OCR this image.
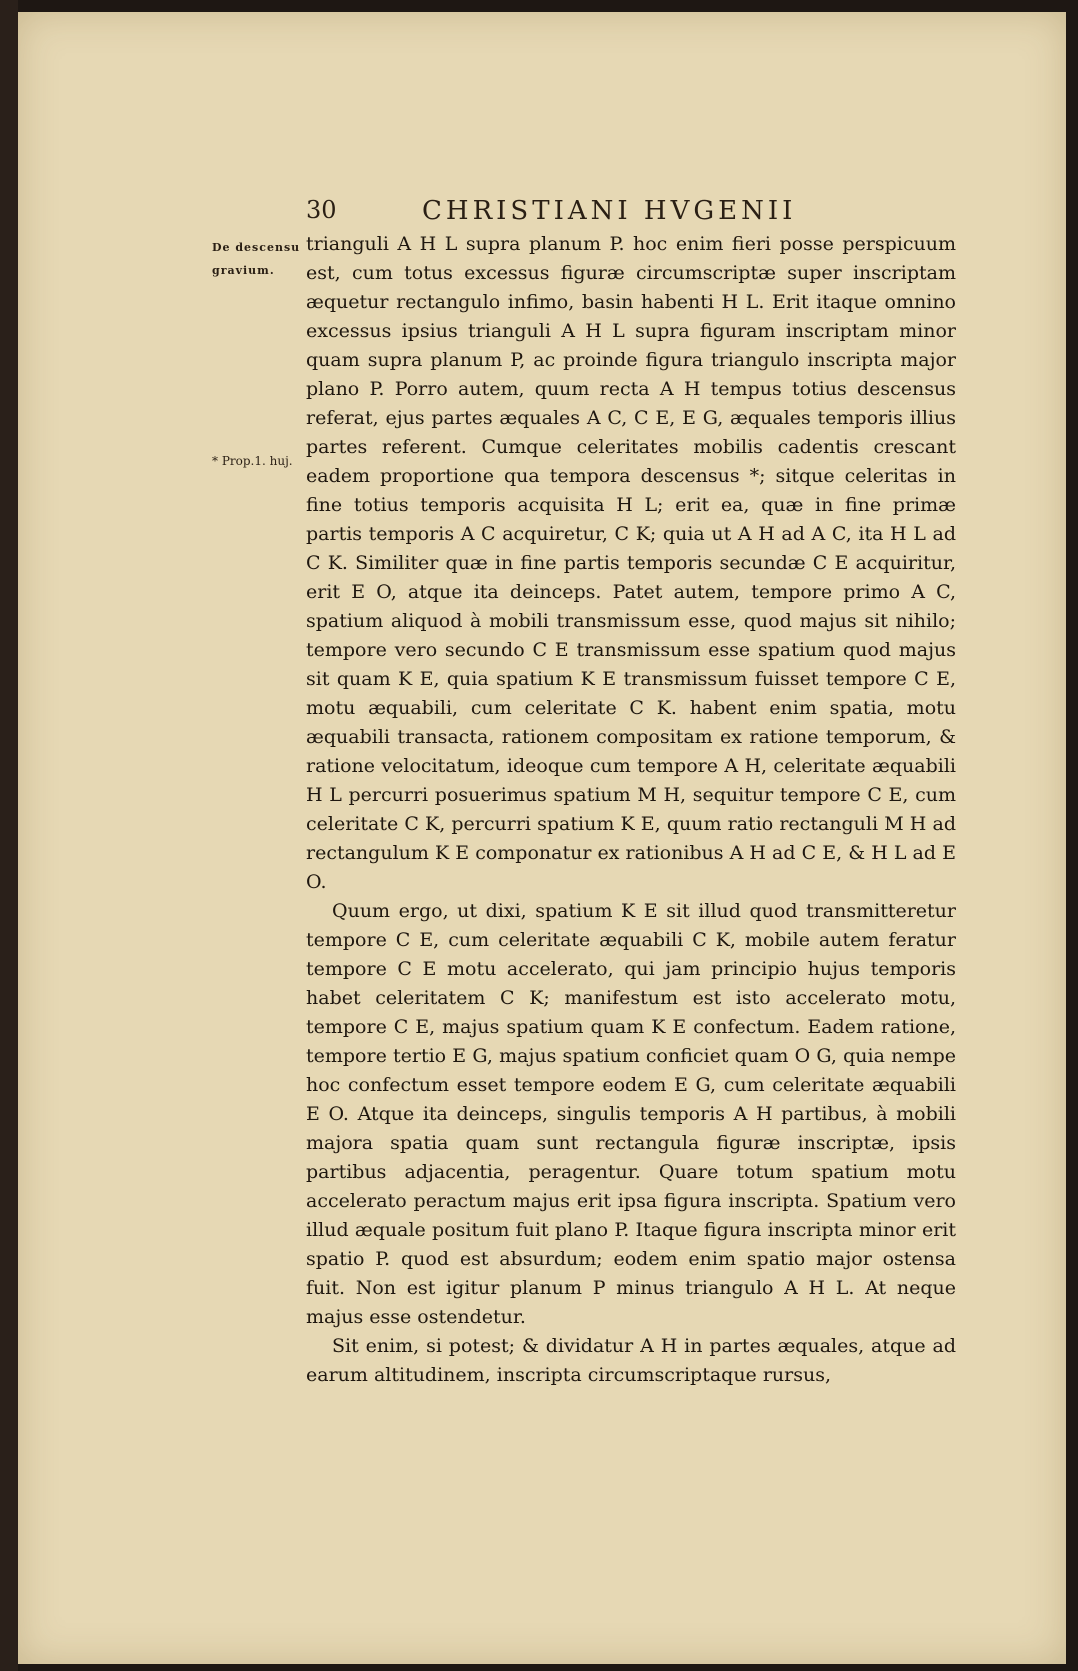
30	CHRISTIANI HVGENII
De descensu gravium.
* Prop.1. huj.

trianguli A H L supra planum P. hoc enim fieri posse perspicuum est, cum totus excessus figuræ circumscriptæ super inscriptam æquetur rectangulo infimo, basin habenti H L. Erit itaque omnino excessus ipsius trianguli A H L supra figuram inscriptam minor quam supra planum P, ac proinde figura triangulo inscripta major plano P. Porro autem, quum recta A H tempus totius descensus referat, ejus partes æquales A C, C E, E G, æquales temporis illius partes referent. Cumque celeritates mobilis cadentis crescant eadem proportione qua tempora descensus *; sitque celeritas in fine totius temporis acquisita H L; erit ea, quæ in fine primæ partis temporis A C acquiretur, C K; quia ut A H ad A C, ita H L ad C K. Similiter quæ in fine partis temporis secundæ C E acquiritur, erit E O, atque ita deinceps. Patet autem, tempore primo A C, spatium aliquod à mobili transmissum esse, quod majus sit nihilo; tempore vero secundo C E transmissum esse spatium quod majus sit quam K E, quia spatium K E transmissum fuisset tempore C E, motu æquabili, cum celeritate C K. habent enim spatia, motu æquabili transacta, rationem compositam ex ratione temporum, & ratione velocitatum, ideoque cum tempore A H, celeritate æquabili H L percurri posuerimus spatium M H, sequitur tempore C E, cum celeritate C K, percurri spatium K E, quum ratio rectanguli M H ad rectangulum K E componatur ex rationibus A H ad C E, & H L ad E O.

Quum ergo, ut dixi, spatium K E sit illud quod transmitteretur tempore C E, cum celeritate æquabili C K, mobile autem feratur tempore C E motu accelerato, qui jam principio hujus temporis habet celeritatem C K; manifestum est isto accelerato motu, tempore C E, majus spatium quam K E confectum. Eadem ratione, tempore tertio E G, majus spatium conficiet quam O G, quia nempe hoc confectum esset tempore eodem E G, cum celeritate æquabili E O. Atque ita deinceps, singulis temporis A H partibus, à mobili majora spatia quam sunt rectangula figuræ inscriptæ, ipsis partibus adjacentia, peragentur. Quare totum spatium motu accelerato peractum majus erit ipsa figura inscripta. Spatium vero illud æquale positum fuit plano P. Itaque figura inscripta minor erit spatio P. quod est absurdum; eodem enim spatio major ostensa fuit. Non est igitur planum P minus triangulo A H L. At neque majus esse ostendetur.

Sit enim, si potest; & dividatur A H in partes æquales, atque ad earum altitudinem, inscripta circumscriptaque rursus,
